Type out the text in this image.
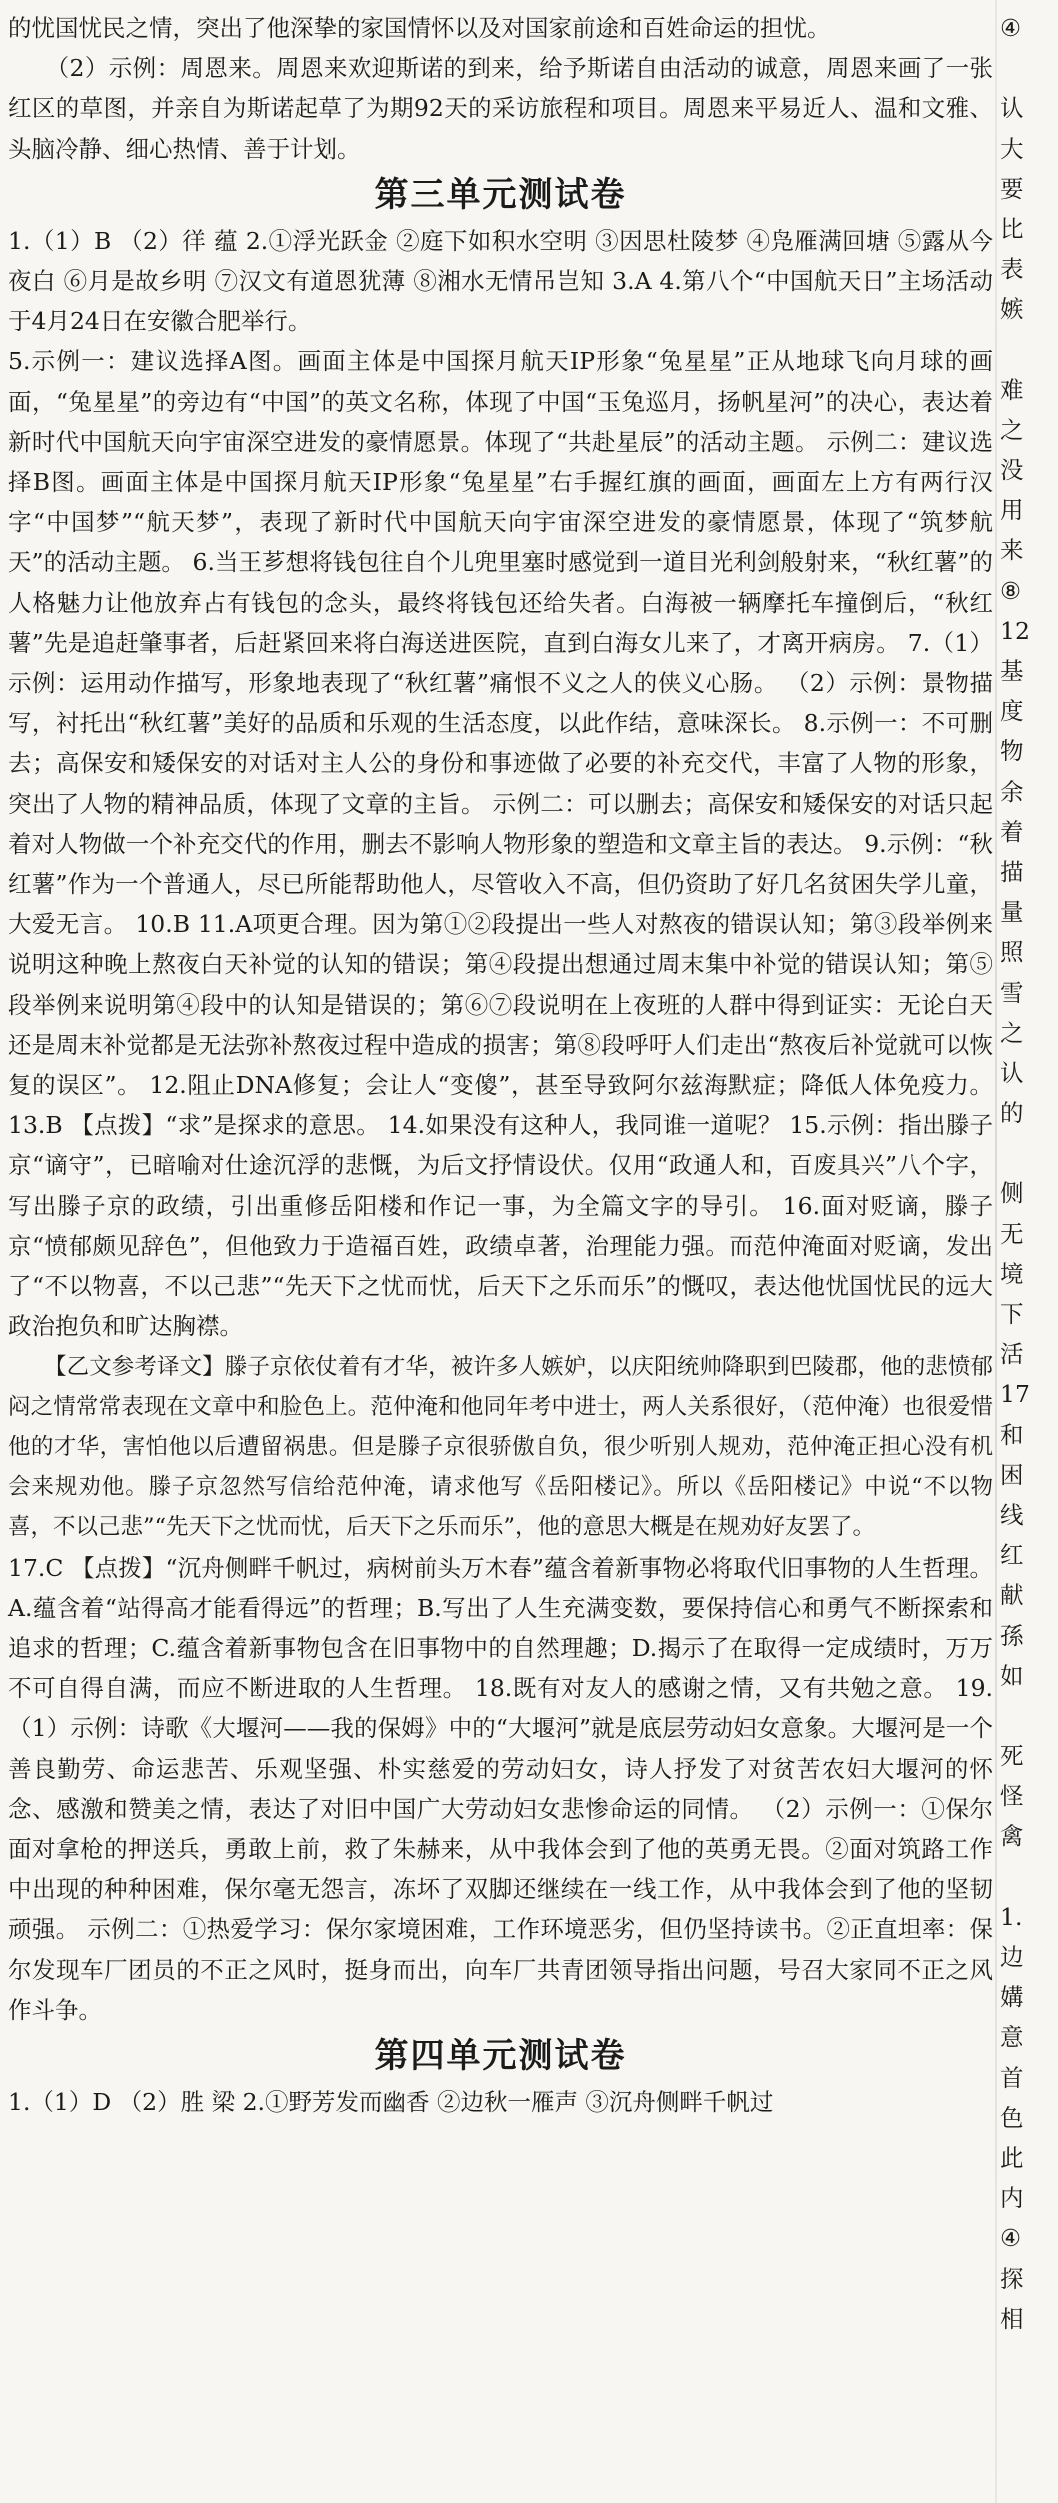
的忧国忧民之情，突出了他深挚的家国情怀以及对国家前途和百姓命运的担忧。

（2）示例：周恩来。周恩来欢迎斯诺的到来，给予斯诺自由活动的诚意，周恩来画了一张红区的草图，并亲自为斯诺起草了为期92天的采访旅程和项目。周恩来平易近人、温和文雅、头脑冷静、细心热情、善于计划。

第三单元测试卷

1.（1）B （2）徉 蕴 2.①浮光跃金 ②庭下如积水空明 ③因思杜陵梦 ④凫雁满回塘 ⑤露从今夜白 ⑥月是故乡明 ⑦汉文有道恩犹薄 ⑧湘水无情吊岂知 3.A 4.第八个“中国航天日”主场活动于4月24日在安徽合肥举行。

5.示例一：建议选择A图。画面主体是中国探月航天IP形象“兔星星”正从地球飞向月球的画面，“兔星星”的旁边有“中国”的英文名称，体现了中国“玉兔巡月，扬帆星河”的决心，表达着新时代中国航天向宇宙深空进发的豪情愿景。体现了“共赴星辰”的活动主题。 示例二：建议选择B图。画面主体是中国探月航天IP形象“兔星星”右手握红旗的画面，画面左上方有两行汉字“中国梦”“航天梦”，表现了新时代中国航天向宇宙深空进发的豪情愿景，体现了“筑梦航天”的活动主题。 6.当王芗想将钱包往自个儿兜里塞时感觉到一道目光利剑般射来，“秋红薯”的人格魅力让他放弃占有钱包的念头，最终将钱包还给失者。白海被一辆摩托车撞倒后，“秋红薯”先是追赶肇事者，后赶紧回来将白海送进医院，直到白海女儿来了，才离开病房。 7.（1）示例：运用动作描写，形象地表现了“秋红薯”痛恨不义之人的侠义心肠。 （2）示例：景物描写，衬托出“秋红薯”美好的品质和乐观的生活态度，以此作结，意味深长。 8.示例一：不可删去；高保安和矮保安的对话对主人公的身份和事迹做了必要的补充交代，丰富了人物的形象，突出了人物的精神品质，体现了文章的主旨。 示例二：可以删去；高保安和矮保安的对话只起着对人物做一个补充交代的作用，删去不影响人物形象的塑造和文章主旨的表达。 9.示例：“秋红薯”作为一个普通人，尽已所能帮助他人，尽管收入不高，但仍资助了好几名贫困失学儿童，大爱无言。 10.B 11.A项更合理。因为第①②段提出一些人对熬夜的错误认知；第③段举例来说明这种晚上熬夜白天补觉的认知的错误；第④段提出想通过周末集中补觉的错误认知；第⑤段举例来说明第④段中的认知是错误的；第⑥⑦段说明在上夜班的人群中得到证实：无论白天还是周末补觉都是无法弥补熬夜过程中造成的损害；第⑧段呼吁人们走出“熬夜后补觉就可以恢复的误区”。 12.阻止DNA修复；会让人“变傻”，甚至导致阿尔兹海默症；降低人体免疫力。 13.B 【点拨】“求”是探求的意思。 14.如果没有这种人，我同谁一道呢？ 15.示例：指出滕子京“谪守”，已暗喻对仕途沉浮的悲慨，为后文抒情设伏。仅用“政通人和，百废具兴”八个字，写出滕子京的政绩，引出重修岳阳楼和作记一事，为全篇文字的导引。 16.面对贬谪，滕子京“愤郁颇见辞色”，但他致力于造福百姓，政绩卓著，治理能力强。而范仲淹面对贬谪，发出了“不以物喜，不以己悲”“先天下之忧而忧，后天下之乐而乐”的慨叹，表达他忧国忧民的远大政治抱负和旷达胸襟。

【乙文参考译文】滕子京依仗着有才华，被许多人嫉妒，以庆阳统帅降职到巴陵郡，他的悲愤郁闷之情常常表现在文章中和脸色上。范仲淹和他同年考中进士，两人关系很好，（范仲淹）也很爱惜他的才华，害怕他以后遭留祸患。但是滕子京很骄傲自负，很少听别人规劝，范仲淹正担心没有机会来规劝他。滕子京忽然写信给范仲淹，请求他写《岳阳楼记》。所以《岳阳楼记》中说“不以物喜，不以己悲”“先天下之忧而忧，后天下之乐而乐”，他的意思大概是在规劝好友罢了。

17.C 【点拨】“沉舟侧畔千帆过，病树前头万木春”蕴含着新事物必将取代旧事物的人生哲理。A.蕴含着“站得高才能看得远”的哲理；B.写出了人生充满变数，要保持信心和勇气不断探索和追求的哲理；C.蕴含着新事物包含在旧事物中的自然理趣；D.揭示了在取得一定成绩时，万万不可自得自满，而应不断进取的人生哲理。 18.既有对友人的感谢之情，又有共勉之意。 19.（1）示例：诗歌《大堰河——我的保姆》中的“大堰河”就是底层劳动妇女意象。大堰河是一个善良勤劳、命运悲苦、乐观坚强、朴实慈爱的劳动妇女，诗人抒发了对贫苦农妇大堰河的怀念、感激和赞美之情，表达了对旧中国广大劳动妇女悲惨命运的同情。 （2）示例一：①保尔面对拿枪的押送兵，勇敢上前，救了朱赫来，从中我体会到了他的英勇无畏。②面对筑路工作中出现的种种困难，保尔毫无怨言，冻坏了双脚还继续在一线工作，从中我体会到了他的坚韧顽强。 示例二：①热爱学习：保尔家境困难，工作环境恶劣，但仍坚持读书。②正直坦率：保尔发现车厂团员的不正之风时，挺身而出，向车厂共青团领导指出问题，号召大家同不正之风作斗争。

第四单元测试卷

1.（1）D （2）胜 梁 2.①野芳发而幽香 ②边秋一雁声 ③沉舟侧畔千帆过

④
认
大
要
比
表
嫉
难
之
没
用
来
⑧
12
基
度
物
余
着
描
量
照
雪
之
认
的
侧
无
境
下
活
17
和
困
线
红
献
孫
如
死
怪
禽
1.
边
媾
意
首
色
此
内
④
探
相
